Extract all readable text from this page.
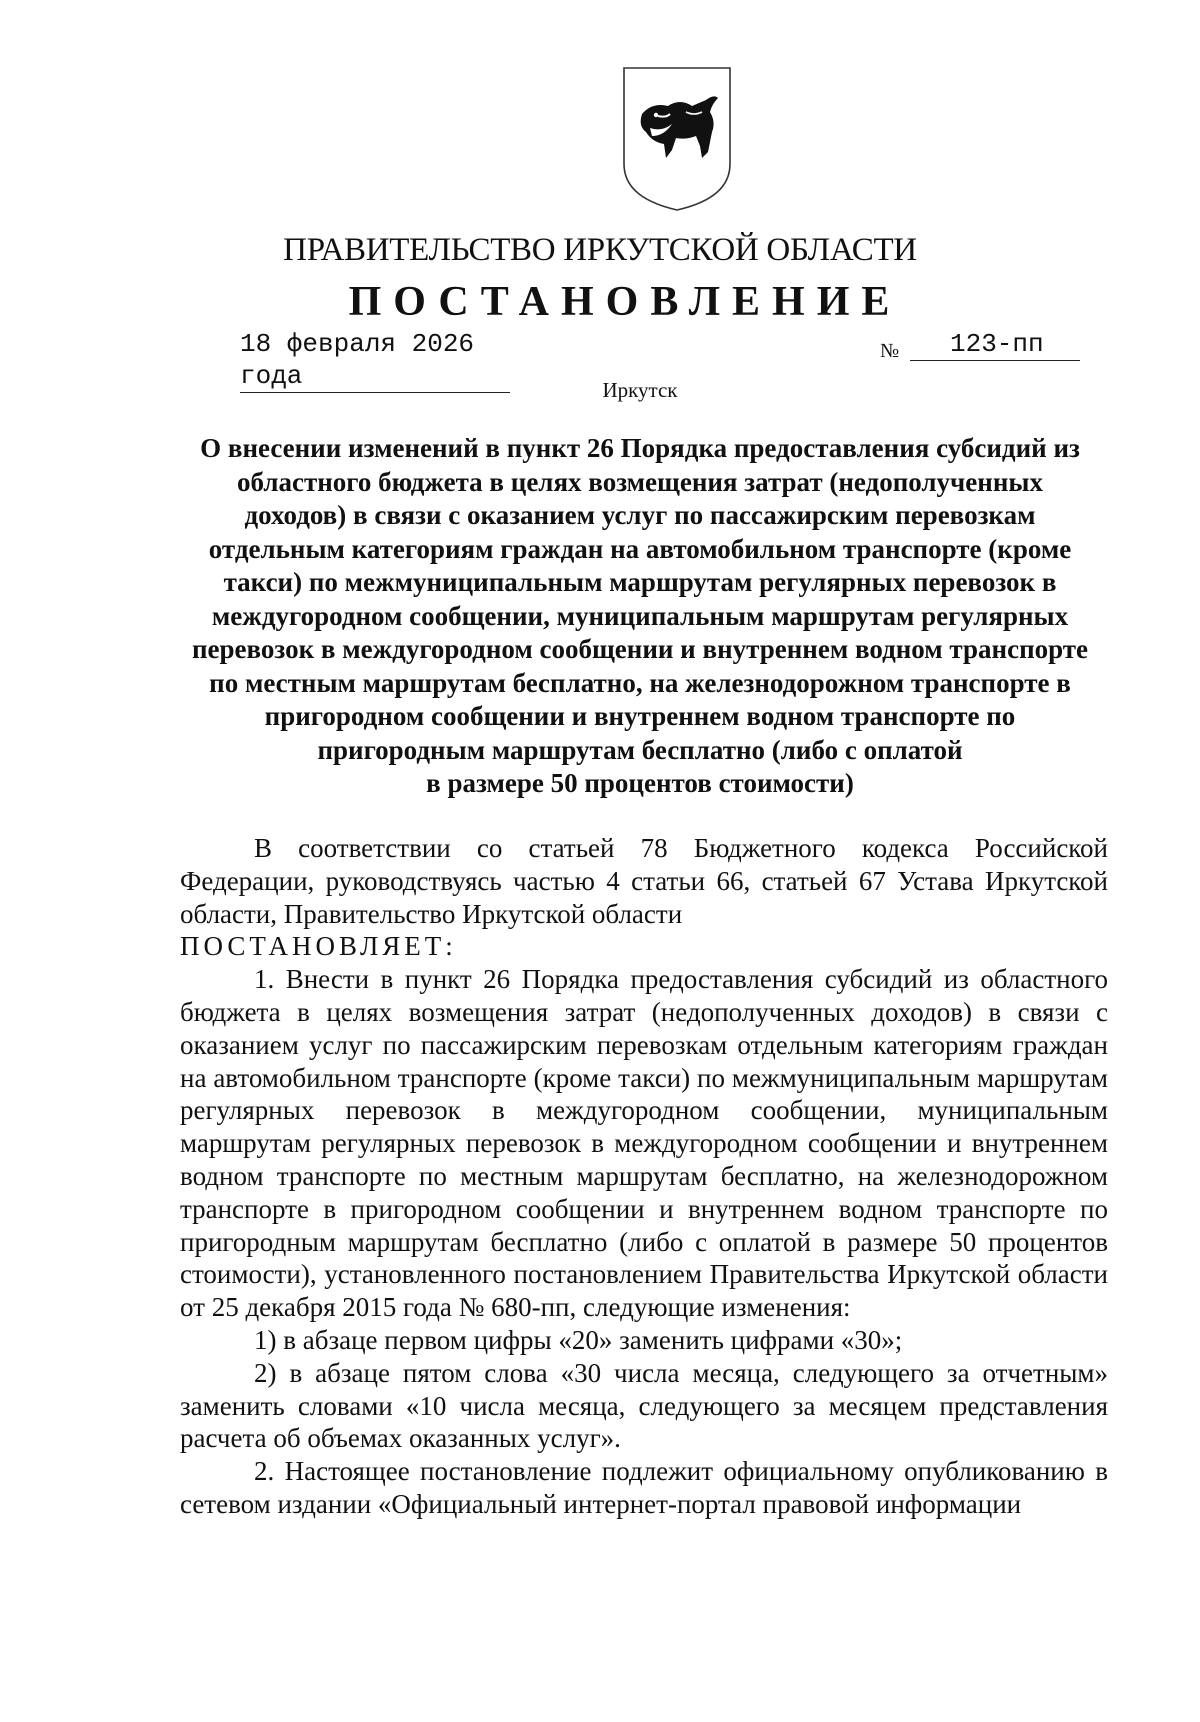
ПРАВИТЕЛЬСТВО ИРКУТСКОЙ ОБЛАСТИ
ПОСТАНОВЛЕНИЕ
18 февраля 2026 года
№	123-пп
Иркутск
О внесении изменений в пункт 26 Порядка предоставления субсидий из
областного бюджета в целях возмещения затрат (недополученных
доходов) в связи с оказанием услуг по пассажирским перевозкам
отдельным категориям граждан на автомобильном транспорте (кроме
такси) по межмуниципальным маршрутам регулярных перевозок в
междугородном сообщении, муниципальным маршрутам регулярных
перевозок в междугородном сообщении и внутреннем водном транспорте
по местным маршрутам бесплатно, на железнодорожном транспорте в
пригородном сообщении и внутреннем водном транспорте по
пригородным маршрутам бесплатно (либо с оплатой
в размере 50 процентов стоимости)

В соответствии со статьей 78 Бюджетного кодекса Российской Федерации, руководствуясь частью 4 статьи 66, статьей 67 Устава Иркутской области, Правительство Иркутской области

ПОСТАНОВЛЯЕТ:

1. Внести в пункт 26 Порядка предоставления субсидий из областного бюджета в целях возмещения затрат (недополученных доходов) в связи с оказанием услуг по пассажирским перевозкам отдельным категориям граждан на автомобильном транспорте (кроме такси) по межмуниципальным маршрутам регулярных перевозок в междугородном сообщении, муниципальным маршрутам регулярных перевозок в междугородном сообщении и внутреннем водном транспорте по местным маршрутам бесплатно, на железнодорожном транспорте в пригородном сообщении и внутреннем водном транспорте по пригородным маршрутам бесплатно (либо с оплатой в размере 50 процентов стоимости), установленного постановлением Правительства Иркутской области от 25 декабря 2015 года № 680-пп, следующие изменения:

1) в абзаце первом цифры «20» заменить цифрами «30»;

2) в абзаце пятом слова «30 числа месяца, следующего за отчетным» заменить словами «10 числа месяца, следующего за месяцем представления расчета об объемах оказанных услуг».

2. Настоящее постановление подлежит официальному опубликованию в сетевом издании «Официальный интернет-портал правовой информации
